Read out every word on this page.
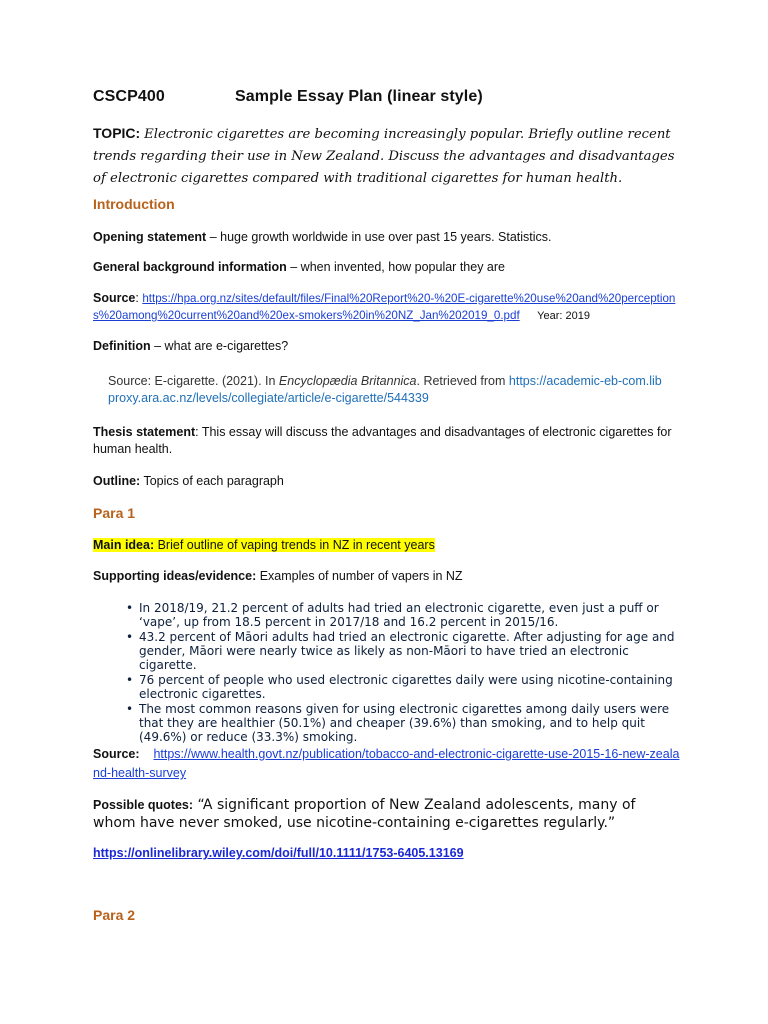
CSCP400	Sample Essay Plan (linear style)
TOPIC: Electronic cigarettes are becoming increasingly popular. Briefly outline recent trends regarding their use in New Zealand. Discuss the advantages and disadvantages of electronic cigarettes compared with traditional cigarettes for human health.
Introduction
Opening statement – huge growth worldwide in use over past 15 years. Statistics.
General background information – when invented, how popular they are
Source: https://hpa.org.nz/sites/default/files/Final%20Report%20-%20E-cigarette%20use%20and%20perceptions%20among%20current%20and%20ex-smokers%20in%20NZ_Jan%202019_0.pdf Year: 2019
Definition – what are e-cigarettes?
Source: E-cigarette. (2021). In Encyclopædia Britannica. Retrieved from https://academic-eb-com.libproxy.ara.ac.nz/levels/collegiate/article/e-cigarette/544339
Thesis statement: This essay will discuss the advantages and disadvantages of electronic cigarettes for human health.
Outline: Topics of each paragraph
Para 1
Main idea: Brief outline of vaping trends in NZ in recent years
Supporting ideas/evidence: Examples of number of vapers in NZ
• In 2018/19, 21.2 percent of adults had tried an electronic cigarette, even just a puff or ‘vape’, up from 18.5 percent in 2017/18 and 16.2 percent in 2015/16.
• 43.2 percent of Māori adults had tried an electronic cigarette. After adjusting for age and gender, Māori were nearly twice as likely as non-Māori to have tried an electronic cigarette.
• 76 percent of people who used electronic cigarettes daily were using nicotine-containing electronic cigarettes.
• The most common reasons given for using electronic cigarettes among daily users were that they are healthier (50.1%) and cheaper (39.6%) than smoking, and to help quit (49.6%) or reduce (33.3%) smoking.
Source: https://www.health.govt.nz/publication/tobacco-and-electronic-cigarette-use-2015-16-new-zealand-health-survey
Possible quotes: “A significant proportion of New Zealand adolescents, many of whom have never smoked, use nicotine-containing e-cigarettes regularly.”
https://onlinelibrary.wiley.com/doi/full/10.1111/1753-6405.13169
Para 2
